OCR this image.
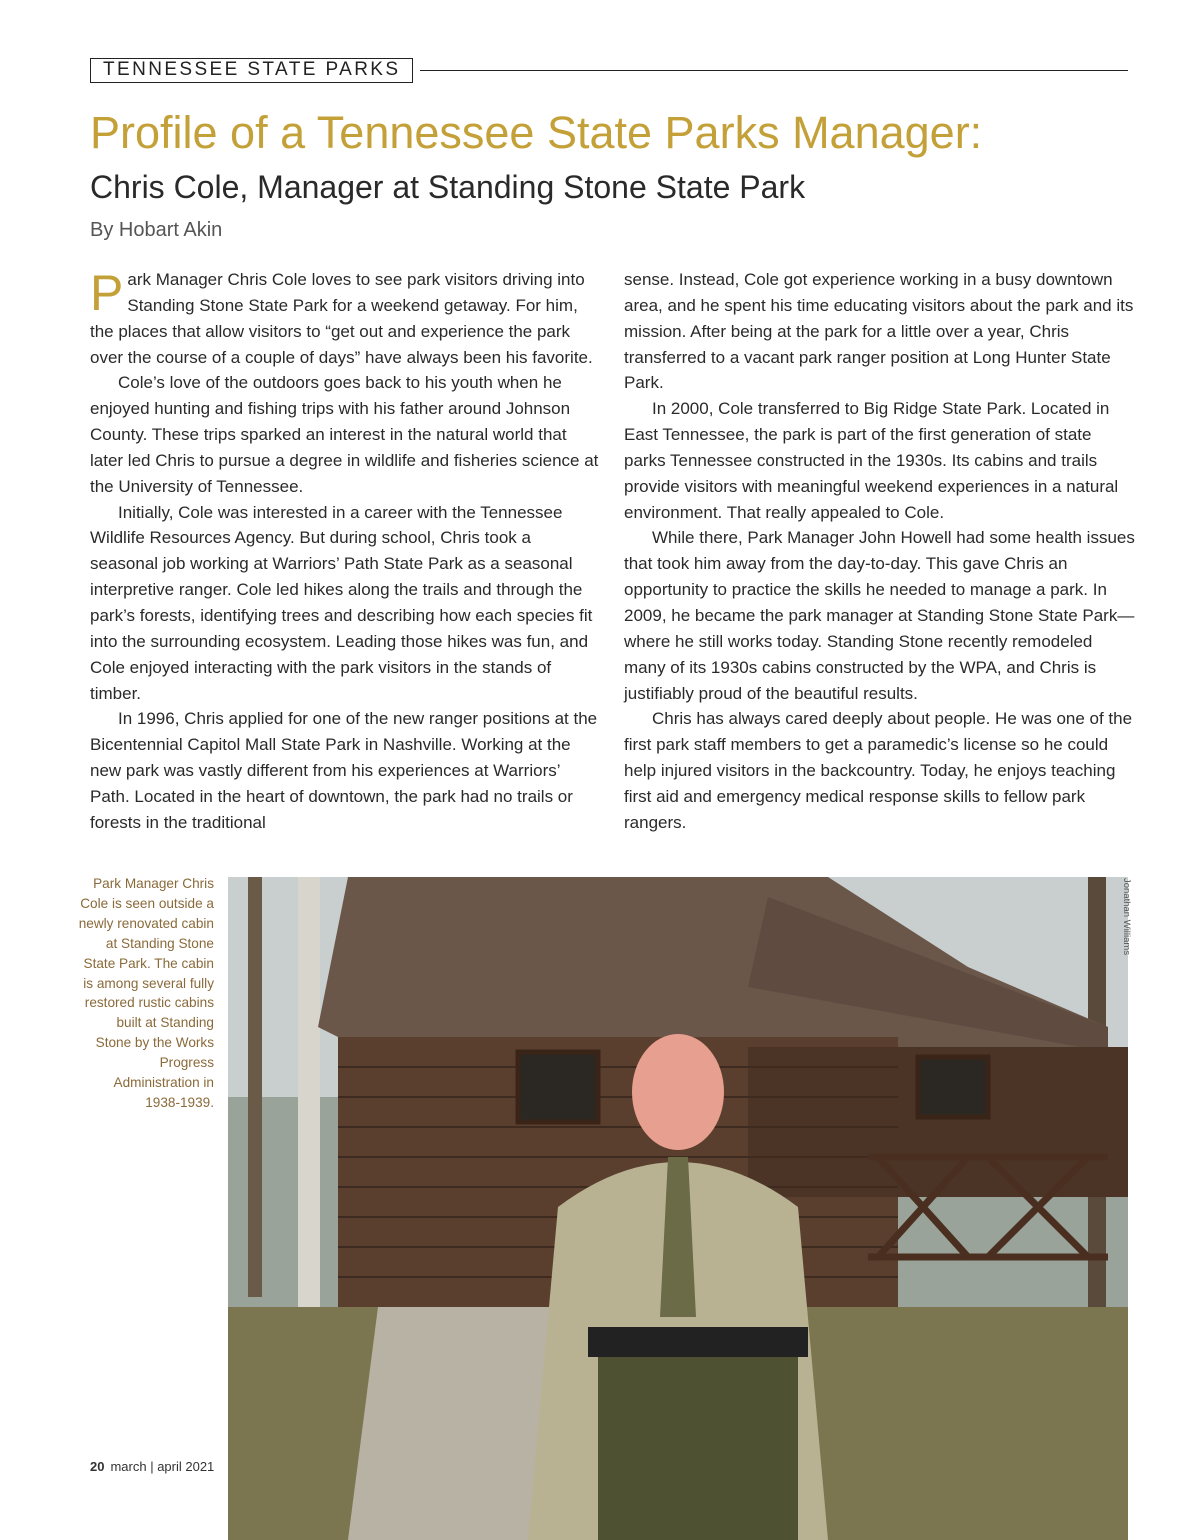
TENNESSEE STATE PARKS
Profile of a Tennessee State Parks Manager:
Chris Cole, Manager at Standing Stone State Park
By Hobart Akin

Park Manager Chris Cole loves to see park visitors driving into Standing Stone State Park for a weekend getaway. For him, the places that allow visitors to “get out and experience the park over the course of a couple of days” have always been his favorite.

Cole’s love of the outdoors goes back to his youth when he enjoyed hunting and fishing trips with his father around Johnson County. These trips sparked an interest in the natural world that later led Chris to pursue a degree in wildlife and fisheries science at the University of Tennessee.

Initially, Cole was interested in a career with the Tennessee Wildlife Resources Agency. But during school, Chris took a seasonal job working at Warriors’ Path State Park as a seasonal interpretive ranger. Cole led hikes along the trails and through the park’s forests, identifying trees and describing how each species fit into the surrounding ecosystem. Leading those hikes was fun, and Cole enjoyed interacting with the park visitors in the stands of timber.

In 1996, Chris applied for one of the new ranger positions at the Bicentennial Capitol Mall State Park in Nashville. Working at the new park was vastly different from his experiences at Warriors’ Path. Located in the heart of downtown, the park had no trails or forests in the traditional

sense. Instead, Cole got experience working in a busy downtown area, and he spent his time educating visitors about the park and its mission. After being at the park for a little over a year, Chris transferred to a vacant park ranger position at Long Hunter State Park.

In 2000, Cole transferred to Big Ridge State Park. Located in East Tennessee, the park is part of the first generation of state parks Tennessee constructed in the 1930s. Its cabins and trails provide visitors with meaningful weekend experiences in a natural environment. That really appealed to Cole.

While there, Park Manager John Howell had some health issues that took him away from the day-to-day. This gave Chris an opportunity to practice the skills he needed to manage a park. In 2009, he became the park manager at Standing Stone State Park—where he still works today. Standing Stone recently remodeled many of its 1930s cabins constructed by the WPA, and Chris is justifiably proud of the beautiful results.

Chris has always cared deeply about people. He was one of the first park staff members to get a paramedic’s license so he could help injured visitors in the backcountry. Today, he enjoys teaching first aid and emergency medical response skills to fellow park rangers.

Park Manager Chris Cole is seen outside a newly renovated cabin at Standing Stone State Park. The cabin is among several fully restored rustic cabins built at Standing Stone by the Works Progress Administration in 1938-1939.
Jonathan Williams
20 march | april 2021
